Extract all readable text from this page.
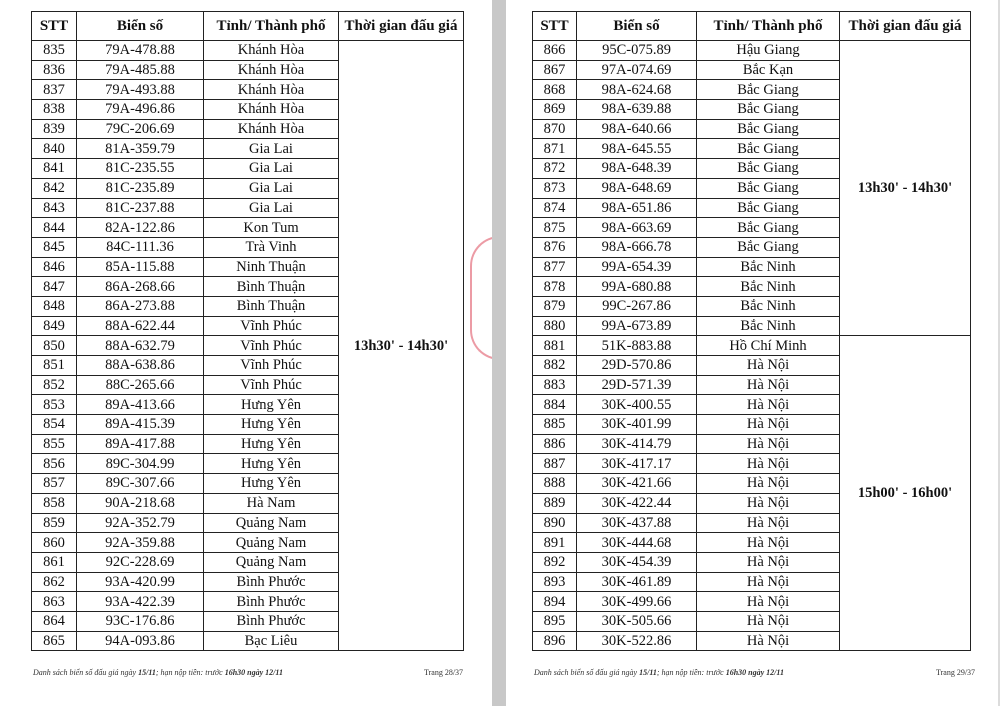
STT	Biển số	Tỉnh/ Thành phố	Thời gian đấu giá
835	79A-478.88	Khánh Hòa	13h30' - 14h30'
836	79A-485.88	Khánh Hòa	
837	79A-493.88	Khánh Hòa	
838	79A-496.86	Khánh Hòa	
839	79C-206.69	Khánh Hòa	
840	81A-359.79	Gia Lai	
841	81C-235.55	Gia Lai	
842	81C-235.89	Gia Lai	
843	81C-237.88	Gia Lai	
844	82A-122.86	Kon Tum	
845	84C-111.36	Trà Vinh	
846	85A-115.88	Ninh Thuận	
847	86A-268.66	Bình Thuận	
848	86A-273.88	Bình Thuận	
849	88A-622.44	Vĩnh Phúc	
850	88A-632.79	Vĩnh Phúc	
851	88A-638.86	Vĩnh Phúc	
852	88C-265.66	Vĩnh Phúc	
853	89A-413.66	Hưng Yên	
854	89A-415.39	Hưng Yên	
855	89A-417.88	Hưng Yên	
856	89C-304.99	Hưng Yên	
857	89C-307.66	Hưng Yên	
858	90A-218.68	Hà Nam	
859	92A-352.79	Quảng Nam	
860	92A-359.88	Quảng Nam	
861	92C-228.69	Quảng Nam	
862	93A-420.99	Bình Phước	
863	93A-422.39	Bình Phước	
864	93C-176.86	Bình Phước	
865	94A-093.86	Bạc Liêu	
Danh sách biển số đấu giá ngày 15/11; hạn nộp tiền: trước 16h30 ngày 12/11	Trang 28/37
STT	Biển số	Tỉnh/ Thành phố	Thời gian đấu giá
866	95C-075.89	Hậu Giang	13h30' - 14h30'
867	97A-074.69	Bắc Kạn	
868	98A-624.68	Bắc Giang	
869	98A-639.88	Bắc Giang	
870	98A-640.66	Bắc Giang	
871	98A-645.55	Bắc Giang	
872	98A-648.39	Bắc Giang	
873	98A-648.69	Bắc Giang	
874	98A-651.86	Bắc Giang	
875	98A-663.69	Bắc Giang	
876	98A-666.78	Bắc Giang	
877	99A-654.39	Bắc Ninh	
878	99A-680.88	Bắc Ninh	
879	99C-267.86	Bắc Ninh	
880	99A-673.89	Bắc Ninh	
881	51K-883.88	Hồ Chí Minh	15h00' - 16h00'
882	29D-570.86	Hà Nội	
883	29D-571.39	Hà Nội	
884	30K-400.55	Hà Nội	
885	30K-401.99	Hà Nội	
886	30K-414.79	Hà Nội	
887	30K-417.17	Hà Nội	
888	30K-421.66	Hà Nội	
889	30K-422.44	Hà Nội	
890	30K-437.88	Hà Nội	
891	30K-444.68	Hà Nội	
892	30K-454.39	Hà Nội	
893	30K-461.89	Hà Nội	
894	30K-499.66	Hà Nội	
895	30K-505.66	Hà Nội	
896	30K-522.86	Hà Nội	
Danh sách biển số đấu giá ngày 15/11; hạn nộp tiền: trước 16h30 ngày 12/11	Trang 29/37
